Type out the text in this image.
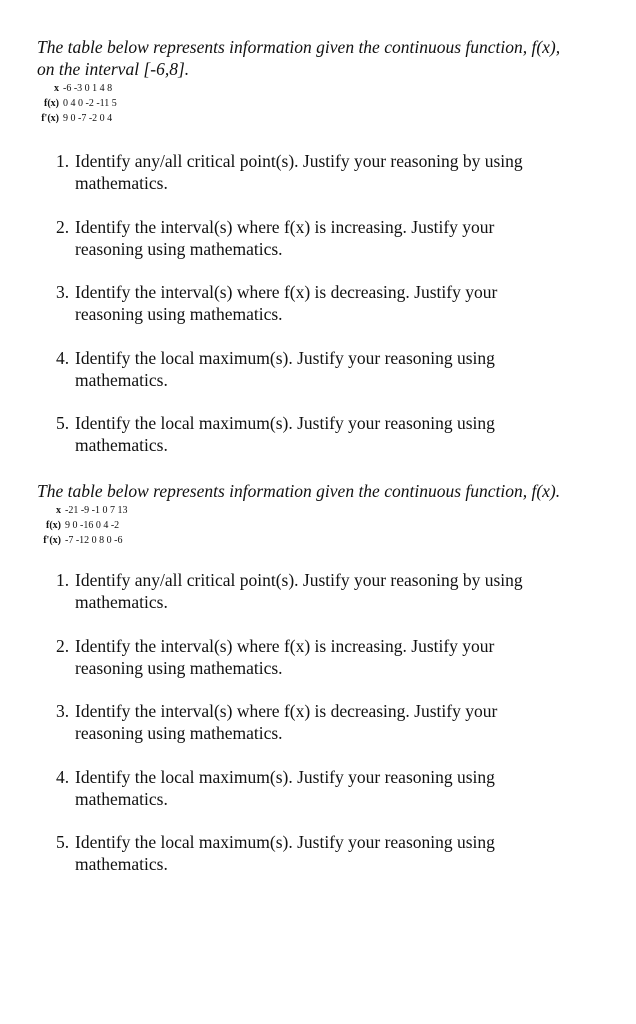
The table below represents information given the continuous function, f(x),
on the interval [-6,8].

x	-6 -3 0 1 4 8
f(x)	0 4 0 -2 -11 5
f'(x)	9 0 -7 -2 0 4
1. Identify any/all critical point(s). Justify your reasoning by using mathematics.
2. Identify the interval(s) where f(x) is increasing. Justify your reasoning using mathematics.
3. Identify the interval(s) where f(x) is decreasing. Justify your reasoning using mathematics.
4. Identify the local maximum(s). Justify your reasoning using mathematics.
5. Identify the local maximum(s). Justify your reasoning using mathematics.

The table below represents information given the continuous function, f(x).

x	-21 -9 -1 0 7 13
f(x)	9 0 -16 0 4 -2
f'(x)	-7 -12 0 8 0 -6
1. Identify any/all critical point(s). Justify your reasoning by using mathematics.
2. Identify the interval(s) where f(x) is increasing. Justify your reasoning using mathematics.
3. Identify the interval(s) where f(x) is decreasing. Justify your reasoning using mathematics.
4. Identify the local maximum(s). Justify your reasoning using mathematics.
5. Identify the local maximum(s). Justify your reasoning using mathematics.
